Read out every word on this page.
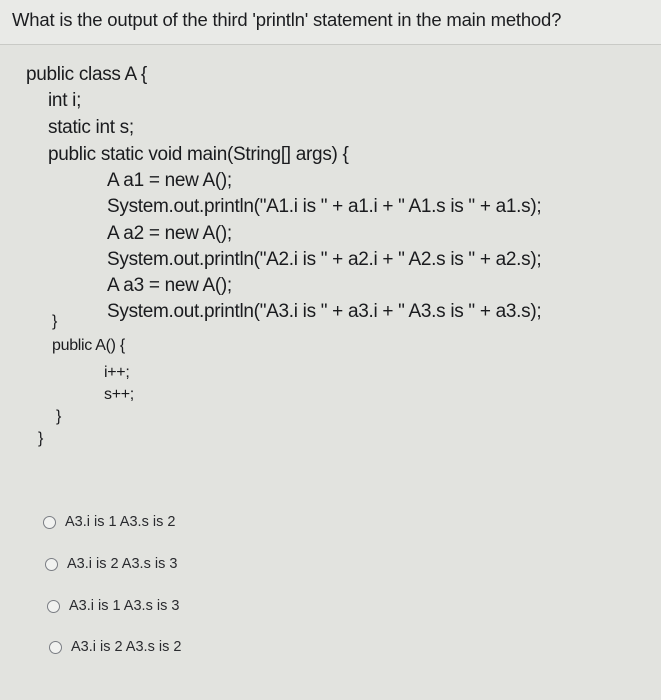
What is the output of the third 'println' statement in the main method?
public class A {
int i;
static int s;
public static void main(String[] args) {
A a1 = new A();
System.out.println("A1.i is " + a1.i + " A1.s is " + a1.s);
A a2 = new A();
System.out.println("A2.i is " + a2.i + " A2.s is " + a2.s);
A a3 = new A();
System.out.println("A3.i is " + a3.i + " A3.s is " + a3.s);
}
public A() {
i++;
s++;
}
}
A3.i is 1 A3.s is 2
A3.i is 2 A3.s is 3
A3.i is 1 A3.s is 3
A3.i is 2 A3.s is 2
